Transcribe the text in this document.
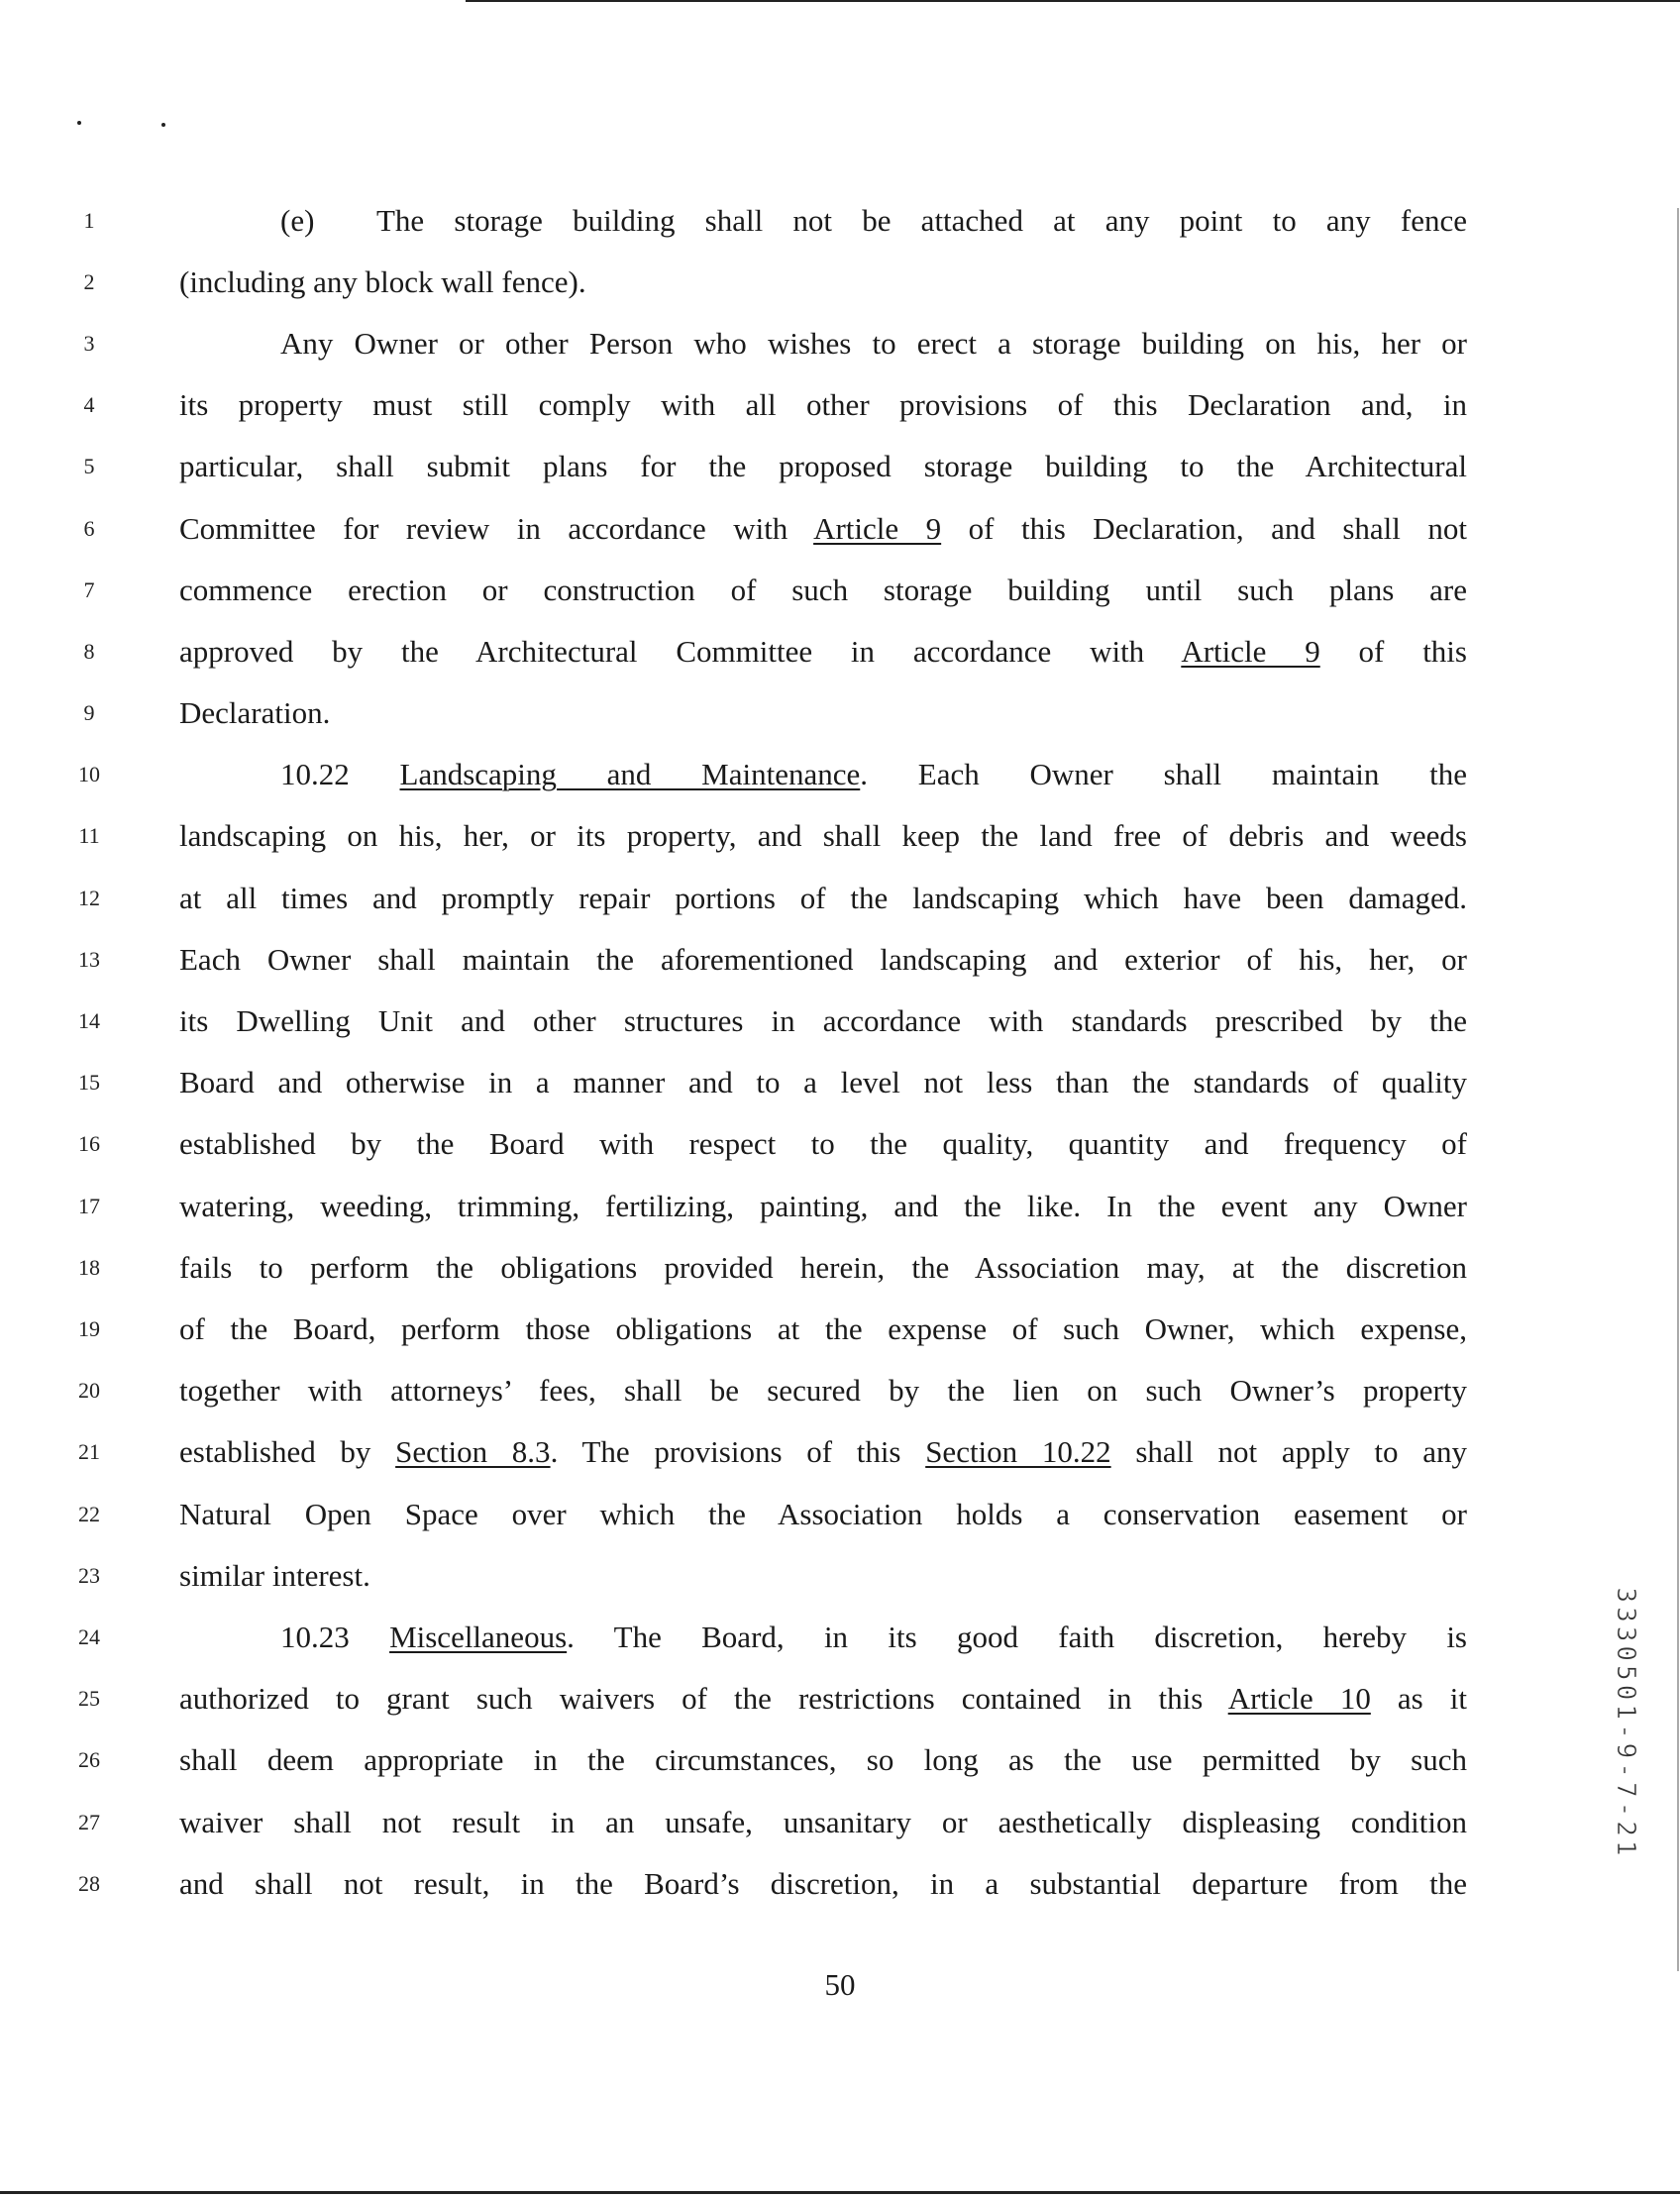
1	(e) The storage building shall not be attached at any point to any fence
2	(including any block wall fence).
3	Any Owner or other Person who wishes to erect a storage building on his, her or
4	its property must still comply with all other provisions of this Declaration and, in
5	particular, shall submit plans for the proposed storage building to the Architectural
6	Committee for review in accordance with Article 9 of this Declaration, and shall not
7	commence erection or construction of such storage building until such plans are
8	approved by the Architectural Committee in accordance with Article 9 of this
9	Declaration.
10	10.22 Landscaping and Maintenance. Each Owner shall maintain the
11	landscaping on his, her, or its property, and shall keep the land free of debris and weeds
12	at all times and promptly repair portions of the landscaping which have been damaged.
13	Each Owner shall maintain the aforementioned landscaping and exterior of his, her, or
14	its Dwelling Unit and other structures in accordance with standards prescribed by the
15	Board and otherwise in a manner and to a level not less than the standards of quality
16	established by the Board with respect to the quality, quantity and frequency of
17	watering, weeding, trimming, fertilizing, painting, and the like. In the event any Owner
18	fails to perform the obligations provided herein, the Association may, at the discretion
19	of the Board, perform those obligations at the expense of such Owner, which expense,
20	together with attorneys’ fees, shall be secured by the lien on such Owner’s property
21	established by Section 8.3. The provisions of this Section 10.22 shall not apply to any
22	Natural Open Space over which the Association holds a conservation easement or
23	similar interest.
24	10.23 Miscellaneous. The Board, in its good faith discretion, hereby is
25	authorized to grant such waivers of the restrictions contained in this Article 10 as it
26	shall deem appropriate in the circumstances, so long as the use permitted by such
27	waiver shall not result in an unsafe, unsanitary or aesthetically displeasing condition
28	and shall not result, in the Board’s discretion, in a substantial departure from the
50
3330501-9-7-21
